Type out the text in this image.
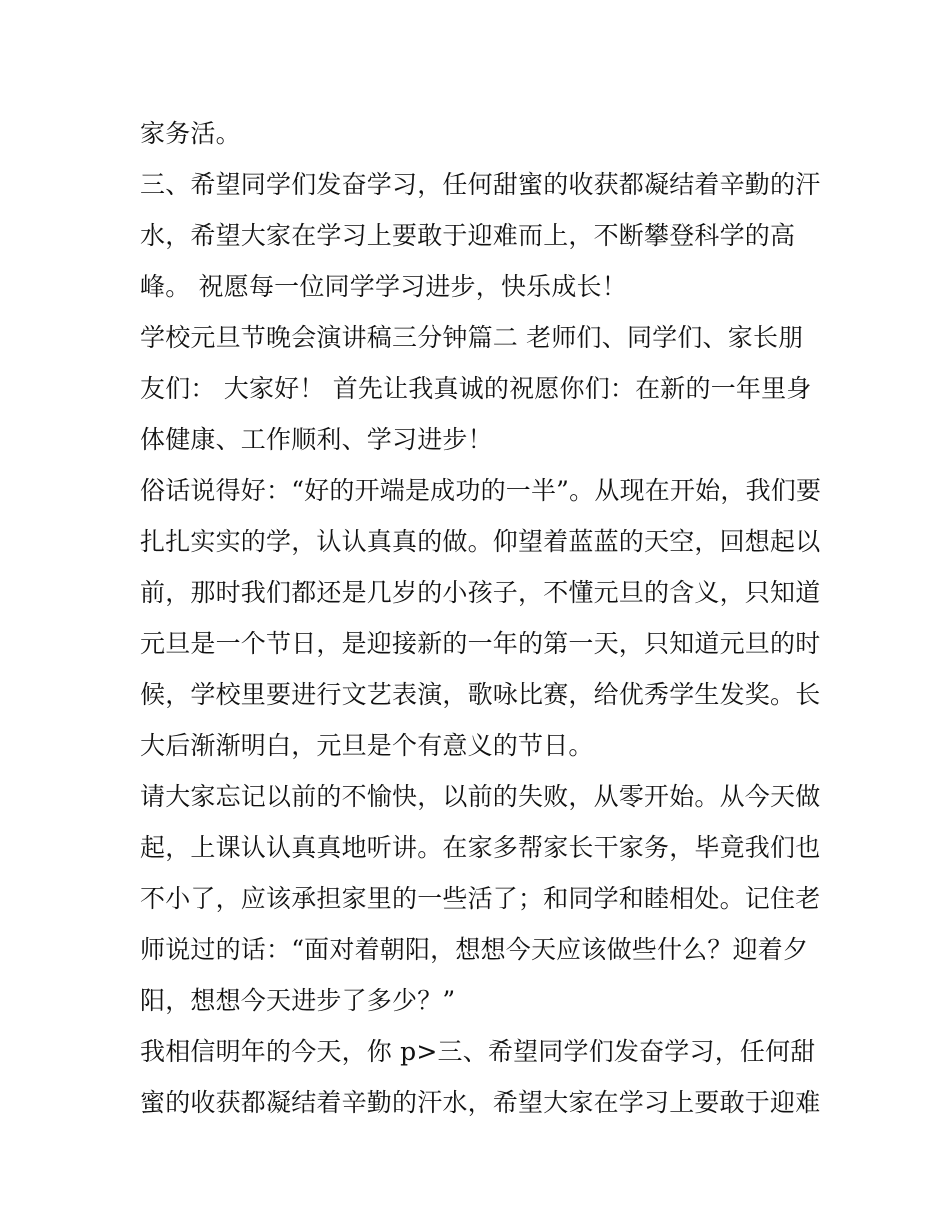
家务活。

三、希望同学们发奋学习，任何甜蜜的收获都凝结着辛勤的汗

水，希望大家在学习上要敢于迎难而上，不断攀登科学的高

峰。 祝愿每一位同学学习进步，快乐成长！

学校元旦节晚会演讲稿三分钟篇二 老师们、同学们、家长朋

友们： 大家好！ 首先让我真诚的祝愿你们：在新的一年里身

体健康、工作顺利、学习进步！

俗话说得好：“好的开端是成功的一半”。从现在开始，我们要

扎扎实实的学，认认真真的做。仰望着蓝蓝的天空，回想起以

前，那时我们都还是几岁的小孩子，不懂元旦的含义，只知道

元旦是一个节日，是迎接新的一年的第一天，只知道元旦的时

候，学校里要进行文艺表演，歌咏比赛，给优秀学生发奖。长

大后渐渐明白，元旦是个有意义的节日。

请大家忘记以前的不愉快，以前的失败，从零开始。从今天做

起，上课认认真真地听讲。在家多帮家长干家务，毕竟我们也

不小了，应该承担家里的一些活了；和同学和睦相处。记住老

师说过的话：“面对着朝阳，想想今天应该做些什么？迎着夕

阳，想想今天进步了多少？”

我相信明年的今天，你 p>三、希望同学们发奋学习，任何甜

蜜的收获都凝结着辛勤的汗水，希望大家在学习上要敢于迎难
